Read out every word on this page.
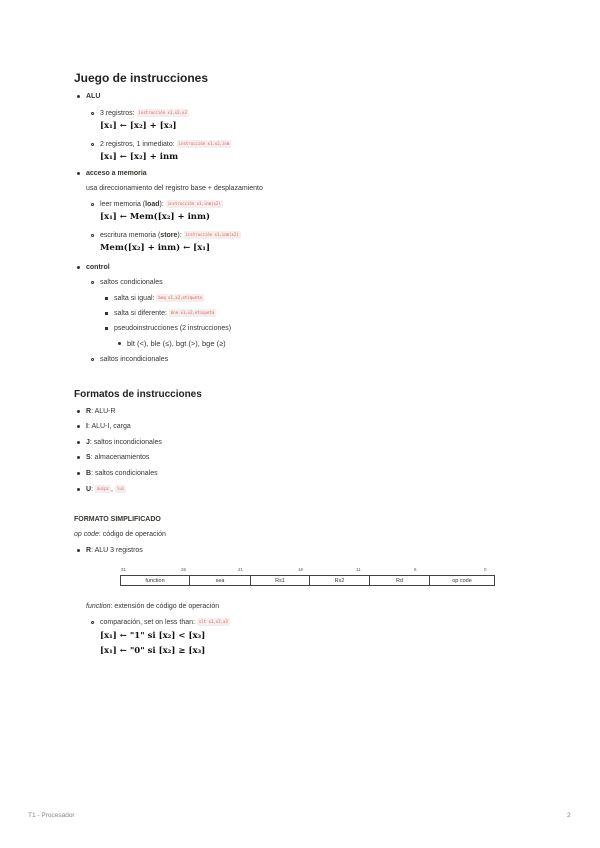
Juego de instrucciones
ALU
3 registros: instrucción x1,x2,x3
[x₁] ← [x₂] + [x₃]
2 registros, 1 inmediato: instrucción x1,x2,inm
[x₁] ← [x₂] + inm
acceso a memoria
usa direccionamiento del registro base + desplazamiento
leer memoria (load): instrucción x1,inm(x2)
[x₁] ← Mem([x₂] + inm)
escritura memoria (store): instrucción x1,inm(x2)
Mem([x₂] + inm) ← [x₁]
control
saltos condicionales
salta si igual: beq x1,x2,etiqueta
salta si diferente: bne x1,x2,etiqueta
pseudoinstrucciones (2 instrucciones)
blt (<), ble (≤), bgt (>), bge (≥)
saltos incondicionales
Formatos de instrucciones
R: ALU-R
I: ALU-I, carga
J: saltos incondicionales
S: almacenamientos
B: saltos condicionales
U: auipc , lui
FORMATO SIMPLIFICADO
op code: código de operación
R: ALU 3 registros
31	26	21	16	11	6	0
function	sea	Rs1	Rs2	Rd	op code
function: extensión de código de operación
comparación, set on less than: slt x1,x2,x3
[x₁] ← "1" si [x₂] < [x₃]
[x₁] ← "0" si [x₂] ≥ [x₃]
T1 - Procesador	2
